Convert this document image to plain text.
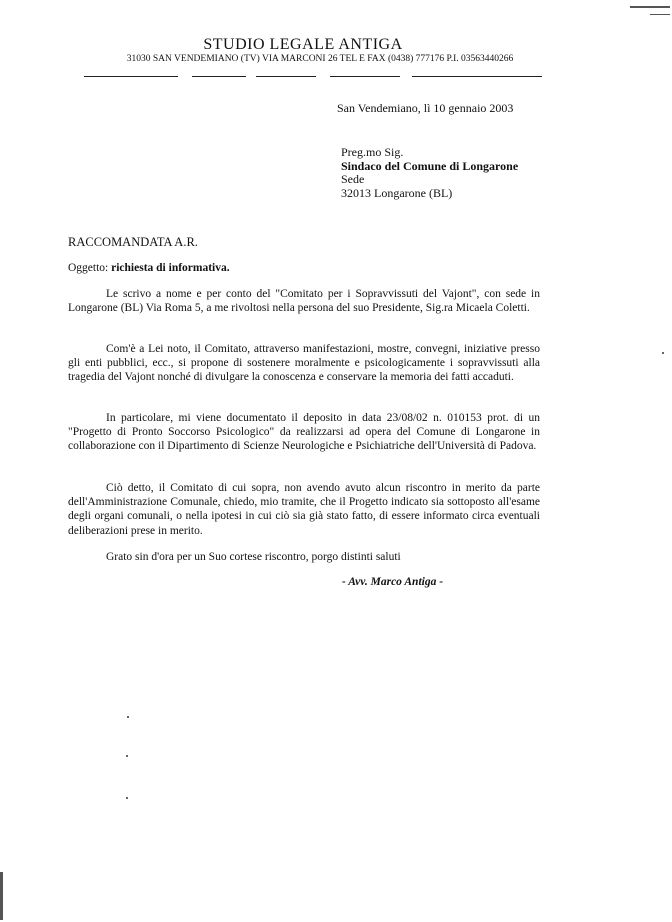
STUDIO LEGALE ANTIGA
31030 SAN VENDEMIANO (TV) VIA MARCONI 26 TEL E FAX (0438) 777176 P.I. 03563440266
San Vendemiano, lì 10 gennaio 2003
Preg.mo Sig.
Sindaco del Comune di Longarone
Sede
32013 Longarone (BL)
RACCOMANDATA A.R.
Oggetto: richiesta di informativa.
Le scrivo a nome e per conto del "Comitato per i Sopravvissuti del Vajont", con sede in Longarone (BL) Via Roma 5, a me rivoltosi nella persona del suo Presidente, Sig.ra Micaela Coletti.
Com'è a Lei noto, il Comitato, attraverso manifestazioni, mostre, convegni, iniziative presso gli enti pubblici, ecc., si propone di sostenere moralmente e psicologicamente i sopravvissuti alla tragedia del Vajont nonché di divulgare la conoscenza e conservare la memoria dei fatti accaduti.
In particolare, mi viene documentato il deposito in data 23/08/02 n. 010153 prot. di un "Progetto di Pronto Soccorso Psicologico" da realizzarsi ad opera del Comune di Longarone in collaborazione con il Dipartimento di Scienze Neurologiche e Psichiatriche dell'Università di Padova.
Ciò detto, il Comitato di cui sopra, non avendo avuto alcun riscontro in merito da parte dell'Amministrazione Comunale, chiedo, mio tramite, che il Progetto indicato sia sottoposto all'esame degli organi comunali, o nella ipotesi in cui ciò sia già stato fatto, di essere informato circa eventuali deliberazioni prese in merito.
Grato sin d'ora per un Suo cortese riscontro, porgo distinti saluti
- Avv. Marco Antiga -
